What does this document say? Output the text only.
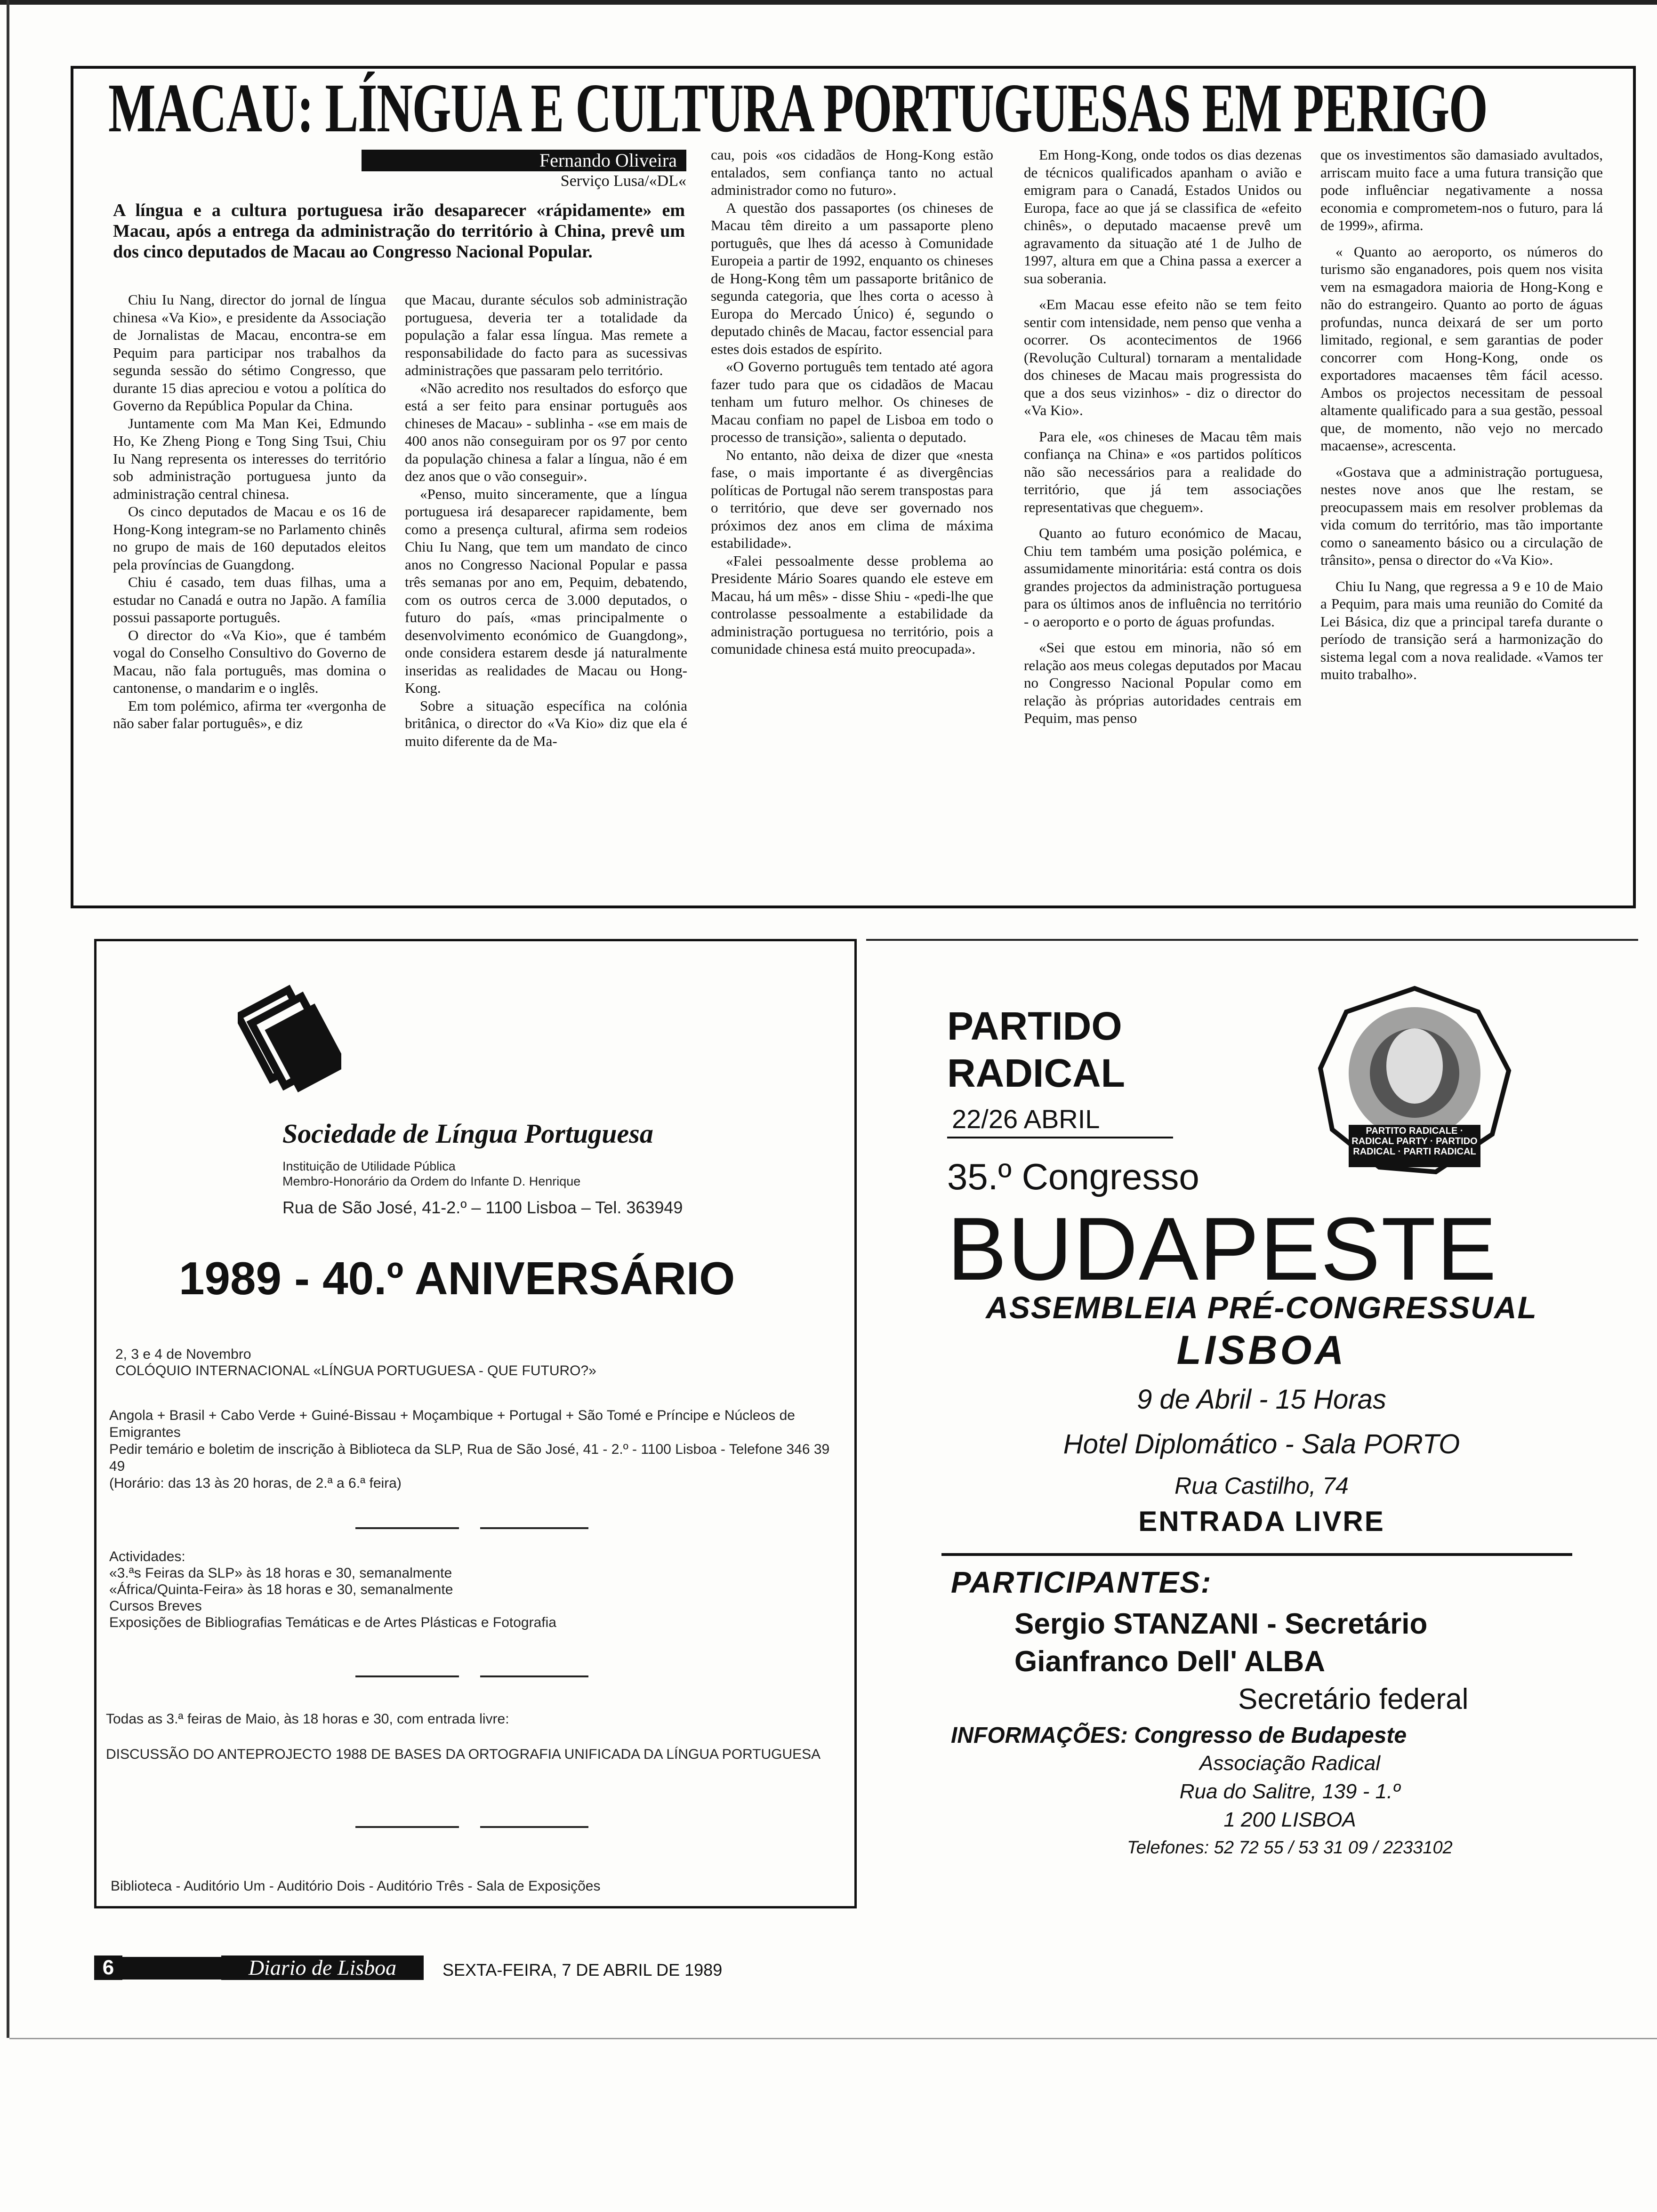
MACAU: LÍNGUA E CULTURA PORTUGUESAS EM PERIGO
Fernando Oliveira
Serviço Lusa/«DL«
A língua e a cultura portuguesa irão desaparecer «rápidamente» em Macau, após a entrega da administração do território à China, prevê um dos cinco deputados de Macau ao Congresso Nacional Popular.

Chiu Iu Nang, director do jornal de língua chinesa «Va Kio», e presidente da Associação de Jornalistas de Macau, encontra-se em Pequim para participar nos trabalhos da segunda sessão do sétimo Congresso, que durante 15 dias apreciou e votou a política do Governo da República Popular da China.

Juntamente com Ma Man Kei, Edmundo Ho, Ke Zheng Piong e Tong Sing Tsui, Chiu Iu Nang representa os interesses do território sob administração portuguesa junto da administração central chinesa.

Os cinco deputados de Macau e os 16 de Hong-Kong integram-se no Parlamento chinês no grupo de mais de 160 deputados eleitos pela províncias de Guangdong.

Chiu é casado, tem duas filhas, uma a estudar no Canadá e outra no Japão. A família possui passaporte português.

O director do «Va Kio», que é também vogal do Conselho Consultivo do Governo de Macau, não fala português, mas domina o cantonense, o mandarim e o inglês.

Em tom polémico, afirma ter «vergonha de não saber falar português», e diz

que Macau, durante séculos sob administração portuguesa, deveria ter a totalidade da população a falar essa língua. Mas remete a responsabilidade do facto para as sucessivas administrações que passaram pelo território.

«Não acredito nos resultados do esforço que está a ser feito para ensinar português aos chineses de Macau» - sublinha - «se em mais de 400 anos não conseguiram por os 97 por cento da população chinesa a falar a língua, não é em dez anos que o vão conseguir».

«Penso, muito sinceramente, que a língua portuguesa irá desaparecer rapidamente, bem como a presença cultural, afirma sem rodeios Chiu Iu Nang, que tem um mandato de cinco anos no Congresso Nacional Popular e passa três semanas por ano em, Pequim, debatendo, com os outros cerca de 3.000 deputados, o futuro do país, «mas principalmente o desenvolvimento económico de Guangdong», onde considera estarem desde já naturalmente inseridas as realidades de Macau ou Hong-Kong.

Sobre a situação específica na colónia britânica, o director do «Va Kio» diz que ela é muito diferente da de Ma-

cau, pois «os cidadãos de Hong-Kong estão entalados, sem confiança tanto no actual administrador como no futuro».

A questão dos passaportes (os chineses de Macau têm direito a um passaporte pleno português, que lhes dá acesso à Comunidade Europeia a partir de 1992, enquanto os chineses de Hong-Kong têm um passaporte britânico de segunda categoria, que lhes corta o acesso à Europa do Mercado Único) é, segundo o deputado chinês de Macau, factor essencial para estes dois estados de espírito.

«O Governo português tem tentado até agora fazer tudo para que os cidadãos de Macau tenham um futuro melhor. Os chineses de Macau confiam no papel de Lisboa em todo o processo de transição», salienta o deputado.

No entanto, não deixa de dizer que «nesta fase, o mais importante é as divergências políticas de Portugal não serem transpostas para o território, que deve ser governado nos próximos dez anos em clima de máxima estabilidade».

«Falei pessoalmente desse problema ao Presidente Mário Soares quando ele esteve em Macau, há um mês» - disse Shiu - «pedi-lhe que controlasse pessoalmente a estabilidade da administração portuguesa no território, pois a comunidade chinesa está muito preocupada».

Em Hong-Kong, onde todos os dias dezenas de técnicos qualificados apanham o avião e emigram para o Canadá, Estados Unidos ou Europa, face ao que já se classifica de «efeito chinês», o deputado macaense prevê um agravamento da situação até 1 de Julho de 1997, altura em que a China passa a exercer a sua soberania.

«Em Macau esse efeito não se tem feito sentir com intensidade, nem penso que venha a ocorrer. Os acontecimentos de 1966 (Revolução Cultural) tornaram a mentalidade dos chineses de Macau mais progressista do que a dos seus vizinhos» - diz o director do «Va Kio».

Para ele, «os chineses de Macau têm mais confiança na China» e «os partidos políticos não são necessários para a realidade do território, que já tem associações representativas que cheguem».

Quanto ao futuro económico de Macau, Chiu tem também uma posição polémica, e assumidamente minoritária: está contra os dois grandes projectos da administração portuguesa para os últimos anos de influência no território - o aeroporto e o porto de águas profundas.

«Sei que estou em minoria, não só em relação aos meus colegas deputados por Macau no Congresso Nacional Popular como em relação às próprias autoridades centrais em Pequim, mas penso

que os investimentos são damasiado avultados, arriscam muito face a uma futura transição que pode influênciar negativamente a nossa economia e comprometem-nos o futuro, para lá de 1999», afirma.

« Quanto ao aeroporto, os números do turismo são enganadores, pois quem nos visita vem na esmagadora maioria de Hong-Kong e não do estrangeiro. Quanto ao porto de águas profundas, nunca deixará de ser um porto limitado, regional, e sem garantias de poder concorrer com Hong-Kong, onde os exportadores macaenses têm fácil acesso. Ambos os projectos necessitam de pessoal altamente qualificado para a sua gestão, pessoal que, de momento, não vejo no mercado macaense», acrescenta.

«Gostava que a administração portuguesa, nestes nove anos que lhe restam, se preocupassem mais em resolver problemas da vida comum do território, mas tão importante como o saneamento básico ou a circulação de trânsito», pensa o director do «Va Kio».

Chiu Iu Nang, que regressa a 9 e 10 de Maio a Pequim, para mais uma reunião do Comité da Lei Básica, diz que a principal tarefa durante o período de transição será a harmonização do sistema legal com a nova realidade. «Vamos ter muito trabalho».

Sociedade de Língua Portuguesa
Instituição de Utilidade Pública
Membro-Honorário da Ordem do Infante D. Henrique
Rua de São José, 41-2.º – 1100 Lisboa – Tel. 363949
1989 - 40.º ANIVERSÁRIO
2, 3 e 4 de Novembro
COLÓQUIO INTERNACIONAL «LÍNGUA PORTUGUESA - QUE FUTURO?»
Angola + Brasil + Cabo Verde + Guiné-Bissau + Moçambique + Portugal + São Tomé e Príncipe e Núcleos de Emigrantes
Pedir temário e boletim de inscrição à Biblioteca da SLP, Rua de São José, 41 - 2.º - 1100 Lisboa - Telefone 346 39 49
(Horário: das 13 às 20 horas, de 2.ª a 6.ª feira)
Actividades:
«3.ªs Feiras da SLP» às 18 horas e 30, semanalmente
«África/Quinta-Feira» às 18 horas e 30, semanalmente
Cursos Breves
Exposições de Bibliografias Temáticas e de Artes Plásticas e Fotografia
Todas as 3.ª feiras de Maio, às 18 horas e 30, com entrada livre:
DISCUSSÃO DO ANTEPROJECTO 1988 DE BASES DA ORTOGRAFIA UNIFICADA DA LÍNGUA PORTUGUESA
Biblioteca - Auditório Um - Auditório Dois - Auditório Três - Sala de Exposições
PARTIDO
RADICAL
22/26 ABRIL	PARTITO RADICALE · RADICAL PARTY · PARTIDO RADICAL · PARTI RADICAL
35.º Congresso
BUDAPESTE
ASSEMBLEIA PRÉ-CONGRESSUAL
LISBOA
9 de Abril - 15 Horas
Hotel Diplomático - Sala PORTO
Rua Castilho, 74
ENTRADA LIVRE
PARTICIPANTES:
Sergio STANZANI - Secretário
Gianfranco Dell' ALBA
Secretário federal
INFORMAÇÕES: Congresso de Budapeste
Associação Radical
Rua do Salitre, 139 - 1.º
1 200 LISBOA
Telefones: 52 72 55 / 53 31 09 / 2233102
6	Diario de Lisboa	SEXTA-FEIRA, 7 DE ABRIL DE 1989
